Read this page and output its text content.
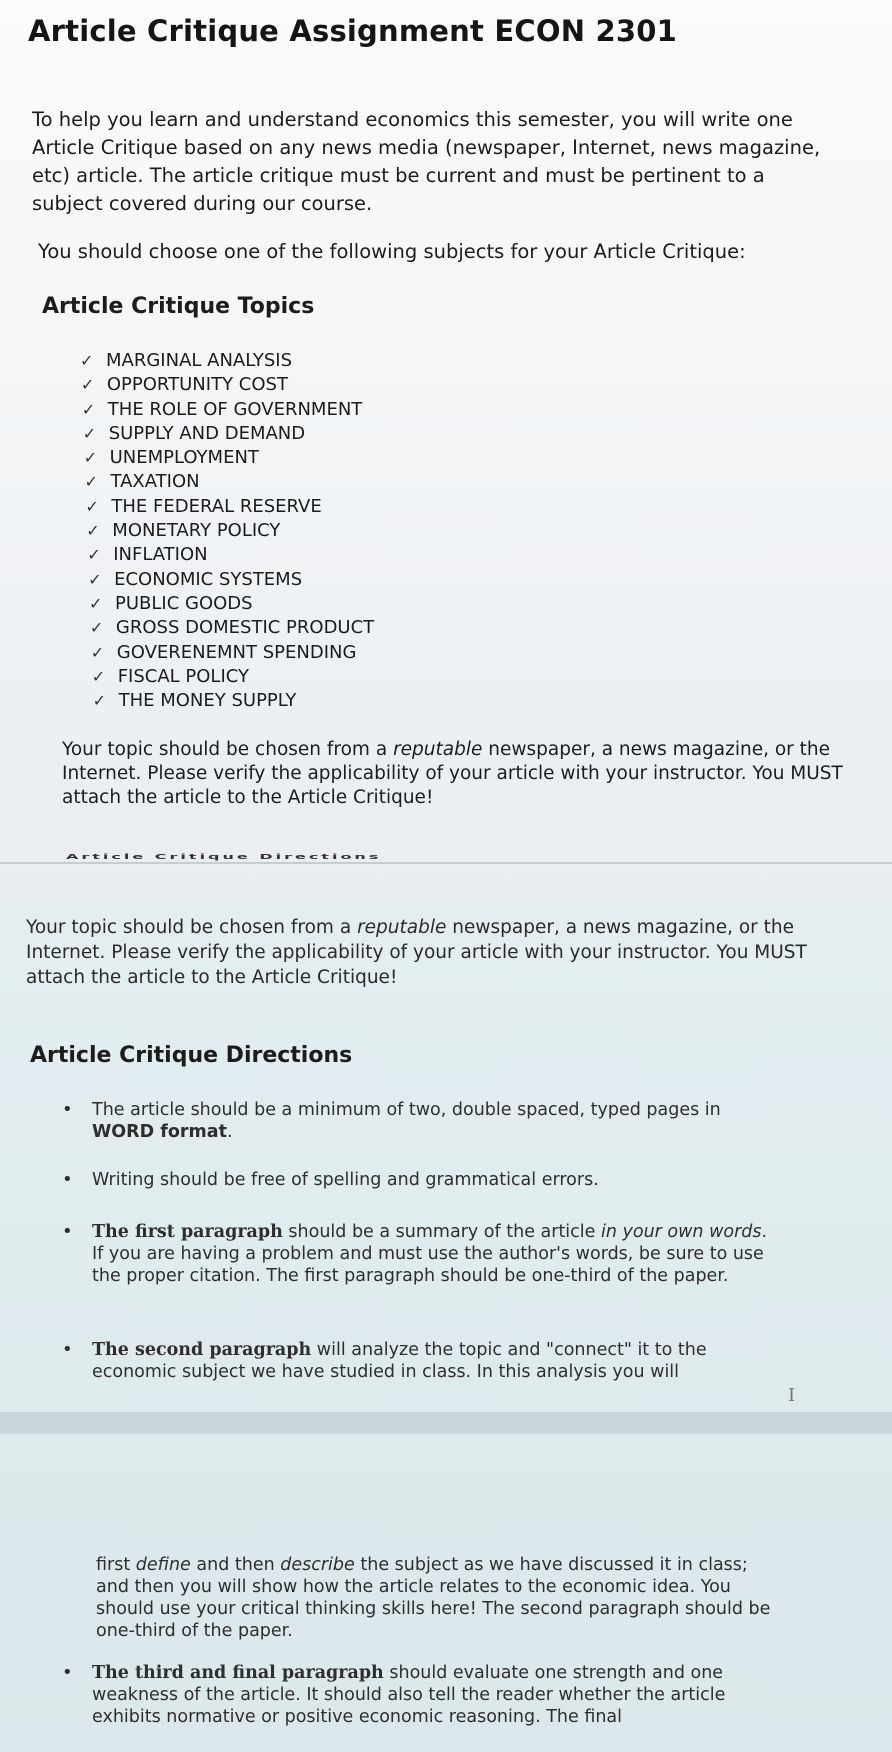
Article Critique Assignment ECON 2301

To help you learn and understand economics this semester, you will write one Article Critique based on any news media (newspaper, Internet, news magazine, etc) article. The article critique must be current and must be pertinent to a subject covered during our course.

You should choose one of the following subjects for your Article Critique:

Article Critique Topics
✓ MARGINAL ANALYSIS
✓ OPPORTUNITY COST
✓ THE ROLE OF GOVERNMENT
✓ SUPPLY AND DEMAND
✓ UNEMPLOYMENT
✓ TAXATION
✓ THE FEDERAL RESERVE
✓ MONETARY POLICY
✓ INFLATION
✓ ECONOMIC SYSTEMS
✓ PUBLIC GOODS
✓ GROSS DOMESTIC PRODUCT
✓ GOVERENEMNT SPENDING
✓ FISCAL POLICY
✓ THE MONEY SUPPLY

Your topic should be chosen from a reputable newspaper, a news magazine, or the Internet. Please verify the applicability of your article with your instructor. You MUST attach the article to the Article Critique!

Article Critique Directions

Your topic should be chosen from a reputable newspaper, a news magazine, or the Internet. Please verify the applicability of your article with your instructor. You MUST attach the article to the Article Critique!

Article Critique Directions
• The article should be a minimum of two, double spaced, typed pages in WORD format.
• Writing should be free of spelling and grammatical errors.
• The first paragraph should be a summary of the article in your own words. If you are having a problem and must use the author's words, be sure to use the proper citation. The first paragraph should be one-third of the paper.
• The second paragraph will analyze the topic and "connect" it to the economic subject we have studied in class. In this analysis you will
I

first define and then describe the subject as we have discussed it in class; and then you will show how the article relates to the economic idea. You should use your critical thinking skills here! The second paragraph should be one-third of the paper.

• The third and final paragraph should evaluate one strength and one weakness of the article. It should also tell the reader whether the article exhibits normative or positive economic reasoning. The final
